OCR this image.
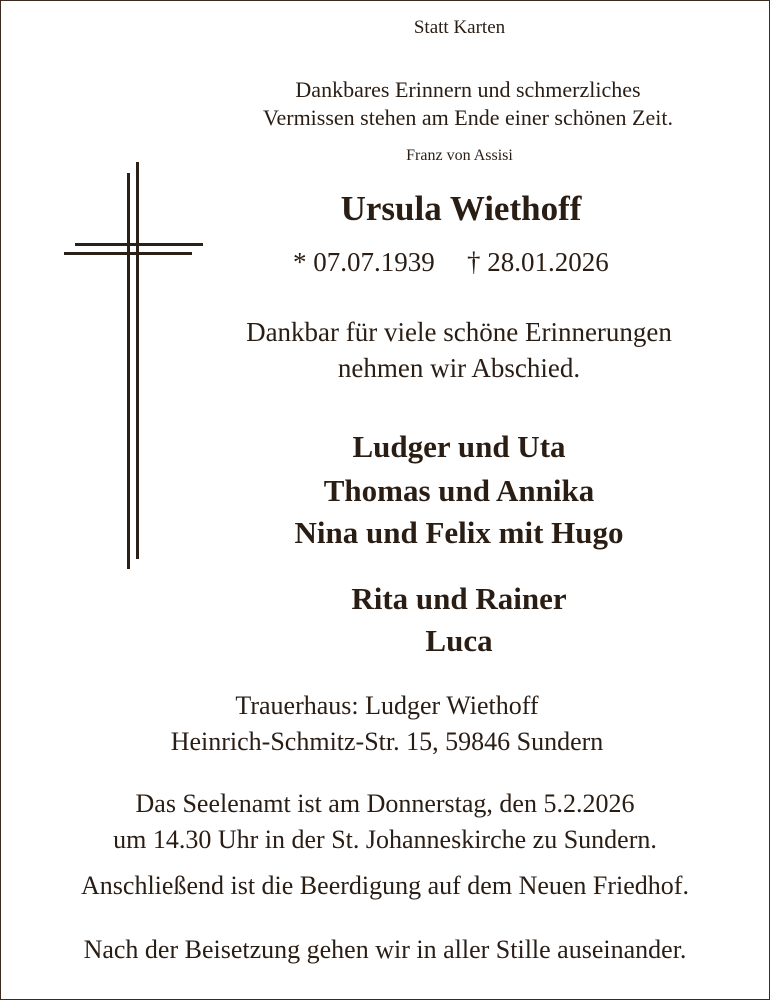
Statt Karten
Dankbares Erinnern und schmerzliches
Vermissen stehen am Ende einer schönen Zeit.
Franz von Assisi
Ursula Wiethoff
* 07.07.1939 † 28.01.2026
Dankbar für viele schöne Erinnerungen
nehmen wir Abschied.
Ludger und Uta
Thomas und Annika
Nina und Felix mit Hugo
Rita und Rainer
Luca
Trauerhaus: Ludger Wiethoff
Heinrich-Schmitz-Str. 15, 59846 Sundern
Das Seelenamt ist am Donnerstag, den 5.2.2026
um 14.30 Uhr in der St. Johanneskirche zu Sundern.
Anschließend ist die Beerdigung auf dem Neuen Friedhof.
Nach der Beisetzung gehen wir in aller Stille auseinander.
